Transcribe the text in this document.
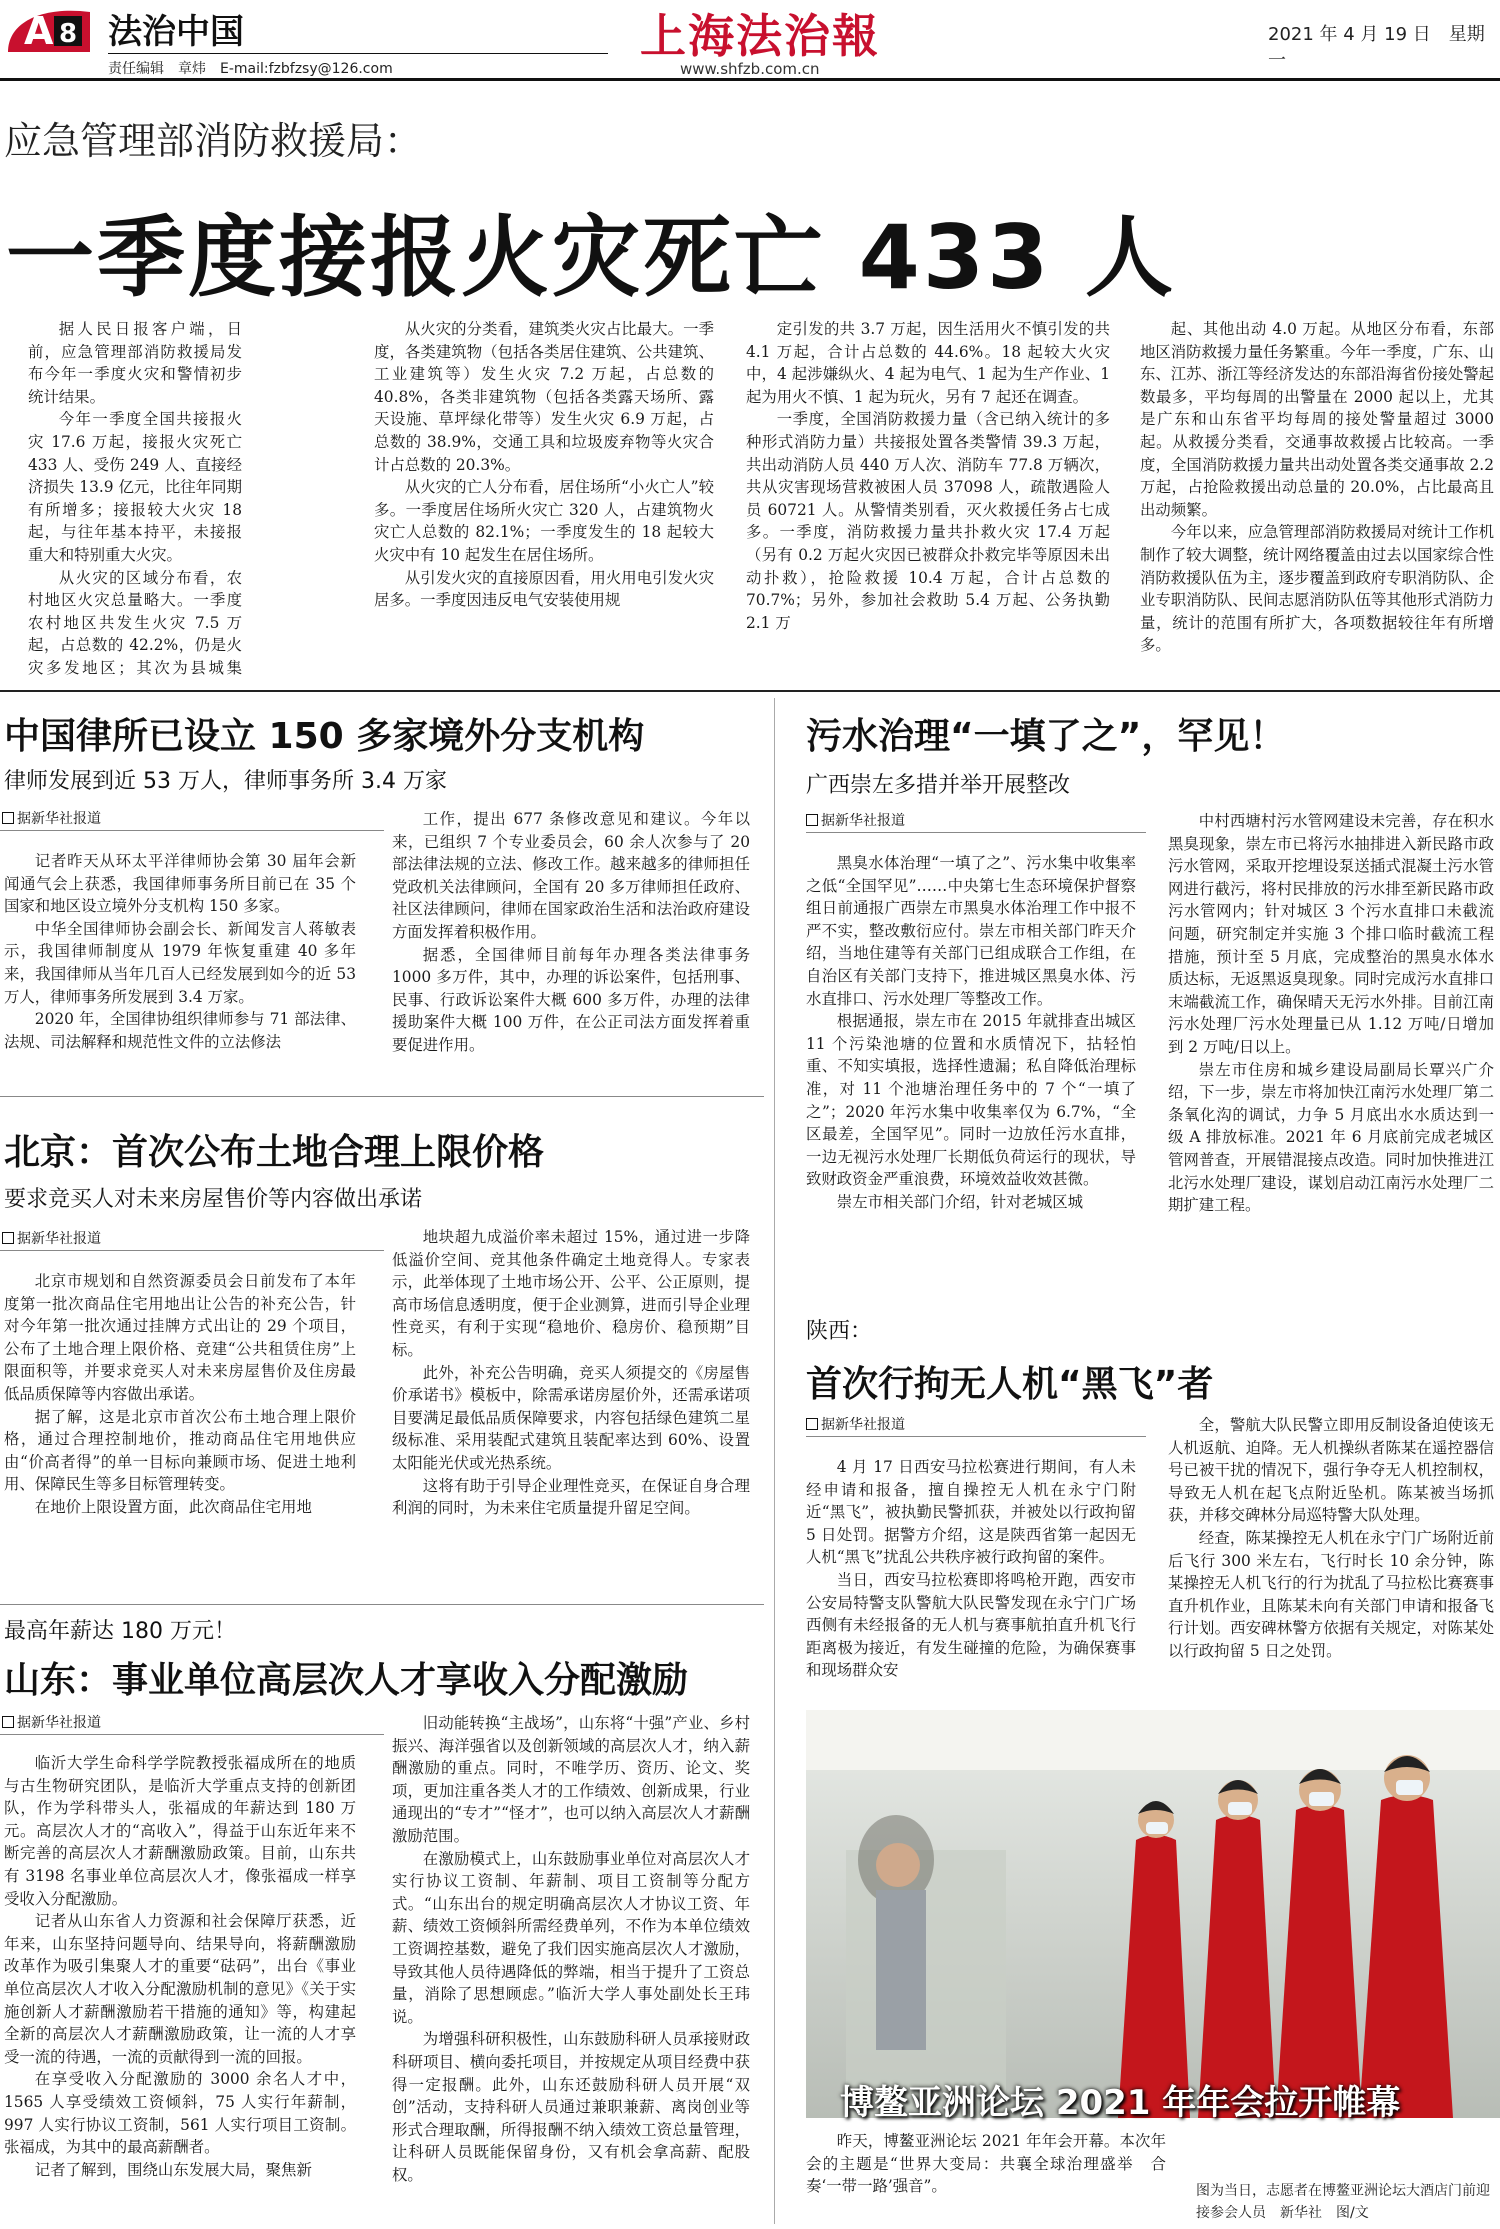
A 8 法治中国
责任编辑　章炜　E-mail:fzbfzsy@126.com
上海法治報
www.shfzb.com.cn
2021 年 4 月 19 日　星期一
应急管理部消防救援局：
一季度接报火灾死亡 433 人

据人民日报客户端，日前，应急管理部消防救援局发布今年一季度火灾和警情初步统计结果。

今年一季度全国共接报火灾 17.6 万起，接报火灾死亡 433 人、受伤 249 人、直接经济损失 13.9 亿元，比往年同期有所增多；接报较大火灾 18 起，与往年基本持平，未接报重大和特别重大火灾。

从火灾的区域分布看，农村地区火灾总量略大。一季度农村地区共发生火灾 7.5 万起，占总数的 42.2%，仍是火灾多发地区；其次为县城集

从火灾的分类看，建筑类火灾占比最大。一季度，各类建筑物（包括各类居住建筑、公共建筑、工业建筑等）发生火灾 7.2 万起，占总数的 40.8%，各类非建筑物（包括各类露天场所、露天设施、草坪绿化带等）发生火灾 6.9 万起，占总数的 38.9%，交通工具和垃圾废弃物等火灾合计占总数的 20.3%。

从火灾的亡人分布看，居住场所“小火亡人”较多。一季度居住场所火灾亡 320 人，占建筑物火灾亡人总数的 82.1%；一季度发生的 18 起较大火灾中有 10 起发生在居住场所。

从引发火灾的直接原因看，用火用电引发火灾居多。一季度因违反电气安装使用规

定引发的共 3.7 万起，因生活用火不慎引发的共 4.1 万起，合计占总数的 44.6%。18 起较大火灾中，4 起涉嫌纵火、4 起为电气、1 起为生产作业、1 起为用火不慎、1 起为玩火，另有 7 起还在调查。

一季度，全国消防救援力量（含已纳入统计的多种形式消防力量）共接报处置各类警情 39.3 万起，共出动消防人员 440 万人次、消防车 77.8 万辆次，共从灾害现场营救被困人员 37098 人，疏散遇险人员 60721 人。从警情类别看，灭火救援任务占七成多。一季度，消防救援力量共扑救火灾 17.4 万起（另有 0.2 万起火灾因已被群众扑救完毕等原因未出动扑救），抢险救援 10.4 万起，合计占总数的 70.7%；另外，参加社会救助 5.4 万起、公务执勤 2.1 万

起、其他出动 4.0 万起。从地区分布看，东部地区消防救援力量任务繁重。今年一季度，广东、山东、江苏、浙江等经济发达的东部沿海省份接处警起数最多，平均每周的出警量在 2000 起以上，尤其是广东和山东省平均每周的接处警量超过 3000 起。从救援分类看，交通事故救援占比较高。一季度，全国消防救援力量共出动处置各类交通事故 2.2 万起，占抢险救援出动总量的 20.0%，占比最高且出动频繁。

今年以来，应急管理部消防救援局对统计工作机制作了较大调整，统计网络覆盖由过去以国家综合性消防救援队伍为主，逐步覆盖到政府专职消防队、企业专职消防队、民间志愿消防队伍等其他形式消防力量，统计的范围有所扩大，各项数据较往年有所增多。

中国律所已设立 150 多家境外分支机构
律师发展到近 53 万人，律师事务所 3.4 万家
据新华社报道

记者昨天从环太平洋律师协会第 30 届年会新闻通气会上获悉，我国律师事务所目前已在 35 个国家和地区设立境外分支机构 150 多家。

中华全国律师协会副会长、新闻发言人蒋敏表示，我国律师制度从 1979 年恢复重建 40 多年来，我国律师从当年几百人已经发展到如今的近 53 万人，律师事务所发展到 3.4 万家。

2020 年，全国律协组织律师参与 71 部法律、法规、司法解释和规范性文件的立法修法

工作，提出 677 条修改意见和建议。今年以来，已组织 7 个专业委员会，60 余人次参与了 20 部法律法规的立法、修改工作。越来越多的律师担任党政机关法律顾问，全国有 20 多万律师担任政府、社区法律顾问，律师在国家政治生活和法治政府建设方面发挥着积极作用。

据悉，全国律师目前每年办理各类法律事务 1000 多万件，其中，办理的诉讼案件，包括刑事、民事、行政诉讼案件大概 600 多万件，办理的法律援助案件大概 100 万件，在公正司法方面发挥着重要促进作用。

北京：首次公布土地合理上限价格
要求竞买人对未来房屋售价等内容做出承诺
据新华社报道

北京市规划和自然资源委员会日前发布了本年度第一批次商品住宅用地出让公告的补充公告，针对今年第一批次通过挂牌方式出让的 29 个项目，公布了土地合理上限价格、竞建“公共租赁住房”上限面积等，并要求竞买人对未来房屋售价及住房最低品质保障等内容做出承诺。

据了解，这是北京市首次公布土地合理上限价格，通过合理控制地价，推动商品住宅用地供应由“价高者得”的单一目标向兼顾市场、促进土地利用、保障民生等多目标管理转变。

在地价上限设置方面，此次商品住宅用地

地块超九成溢价率未超过 15%，通过进一步降低溢价空间、竞其他条件确定土地竞得人。专家表示，此举体现了土地市场公开、公平、公正原则，提高市场信息透明度，便于企业测算，进而引导企业理性竞买，有利于实现“稳地价、稳房价、稳预期”目标。

此外，补充公告明确，竞买人须提交的《房屋售价承诺书》模板中，除需承诺房屋价外，还需承诺项目要满足最低品质保障要求，内容包括绿色建筑二星级标准、采用装配式建筑且装配率达到 60%、设置太阳能光伏或光热系统。

这将有助于引导企业理性竞买，在保证自身合理利润的同时，为未来住宅质量提升留足空间。

最高年薪达 180 万元！
山东：事业单位高层次人才享收入分配激励
据新华社报道

临沂大学生命科学学院教授张福成所在的地质与古生物研究团队，是临沂大学重点支持的创新团队，作为学科带头人，张福成的年薪达到 180 万元。高层次人才的“高收入”，得益于山东近年来不断完善的高层次人才薪酬激励政策。目前，山东共有 3198 名事业单位高层次人才，像张福成一样享受收入分配激励。

记者从山东省人力资源和社会保障厅获悉，近年来，山东坚持问题导向、结果导向，将薪酬激励改革作为吸引集聚人才的重要“砝码”，出台《事业单位高层次人才收入分配激励机制的意见》《关于实施创新人才薪酬激励若干措施的通知》等，构建起全新的高层次人才薪酬激励政策，让一流的人才享受一流的待遇，一流的贡献得到一流的回报。

在享受收入分配激励的 3000 余名人才中，1565 人享受绩效工资倾斜，75 人实行年薪制，997 人实行协议工资制，561 人实行项目工资制。张福成，为其中的最高薪酬者。

记者了解到，围绕山东发展大局，聚焦新

旧动能转换“主战场”，山东将“十强”产业、乡村振兴、海洋强省以及创新领域的高层次人才，纳入薪酬激励的重点。同时，不唯学历、资历、论文、奖项，更加注重各类人才的工作绩效、创新成果，行业通现出的“专才”“怪才”，也可以纳入高层次人才薪酬激励范围。

在激励模式上，山东鼓励事业单位对高层次人才实行协议工资制、年薪制、项目工资制等分配方式。“山东出台的规定明确高层次人才协议工资、年薪、绩效工资倾斜所需经费单列，不作为本单位绩效工资调控基数，避免了我们因实施高层次人才激励，导致其他人员待遇降低的弊端，相当于提升了工资总量，消除了思想顾虑。”临沂大学人事处副处长王玮说。

为增强科研积极性，山东鼓励科研人员承接财政科研项目、横向委托项目，并按规定从项目经费中获得一定报酬。此外，山东还鼓励科研人员开展“双创”活动，支持科研人员通过兼职兼薪、离岗创业等形式合理取酬，所得报酬不纳入绩效工资总量管理，让科研人员既能保留身份，又有机会拿高薪、配股权。

污水治理“一填了之”，罕见！
广西崇左多措并举开展整改
据新华社报道

黑臭水体治理“一填了之”、污水集中收集率之低“全国罕见”……中央第七生态环境保护督察组日前通报广西崇左市黑臭水体治理工作中报不严不实，整改敷衍应付。崇左市相关部门昨天介绍，当地住建等有关部门已组成联合工作组，在自治区有关部门支持下，推进城区黑臭水体、污水直排口、污水处理厂等整改工作。

根据通报，崇左市在 2015 年就排查出城区 11 个污染池塘的位置和水质情况下，拈轻怕重、不知实填报，选择性遗漏；私自降低治理标准，对 11 个池塘治理任务中的 7 个“一填了之”；2020 年污水集中收集率仅为 6.7%，“全区最差，全国罕见”。同时一边放任污水直排，一边无视污水处理厂长期低负荷运行的现状，导致财政资金严重浪费，环境效益收效甚微。

崇左市相关部门介绍，针对老城区城

中村西塘村污水管网建设未完善，存在积水黑臭现象，崇左市已将污水抽排进入新民路市政污水管网，采取开挖埋设泵送插式混凝土污水管网进行截污，将村民排放的污水排至新民路市政污水管网内；针对城区 3 个污水直排口未截流问题，研究制定并实施 3 个排口临时截流工程措施，预计至 5 月底，完成整治的黑臭水体水质达标，无返黑返臭现象。同时完成污水直排口末端截流工作，确保晴天无污水外排。目前江南污水处理厂污水处理量已从 1.12 万吨/日增加到 2 万吨/日以上。

崇左市住房和城乡建设局副局长覃兴广介绍，下一步，崇左市将加快江南污水处理厂第二条氧化沟的调试，力争 5 月底出水水质达到一级 A 排放标准。2021 年 6 月底前完成老城区管网普查，开展错混接点改造。同时加快推进江北污水处理厂建设，谋划启动江南污水处理厂二期扩建工程。

陕西：
首次行拘无人机“黑飞”者
据新华社报道

4 月 17 日西安马拉松赛进行期间，有人未经申请和报备，擅自操控无人机在永宁门附近“黑飞”，被执勤民警抓获，并被处以行政拘留 5 日处罚。据警方介绍，这是陕西省第一起因无人机“黑飞”扰乱公共秩序被行政拘留的案件。

当日，西安马拉松赛即将鸣枪开跑，西安市公安局特警支队警航大队民警发现在永宁门广场西侧有未经报备的无人机与赛事航拍直升机飞行距离极为接近，有发生碰撞的危险，为确保赛事和现场群众安

全，警航大队民警立即用反制设备迫使该无人机返航、迫降。无人机操纵者陈某在遥控器信号已被干扰的情况下，强行争夺无人机控制权，导致无人机在起飞点附近坠机。陈某被当场抓获，并移交碑林分局巡特警大队处理。

经查，陈某操控无人机在永宁门广场附近前后飞行 300 米左右，飞行时长 10 余分钟，陈某操控无人机飞行的行为扰乱了马拉松比赛赛事直升机作业，且陈某未向有关部门申请和报备飞行计划。西安碑林警方依据有关规定，对陈某处以行政拘留 5 日之处罚。

博鳌亚洲论坛 2021 年年会拉开帷幕

昨天，博鳌亚洲论坛 2021 年年会开幕。本次年会的主题是“世界大变局：共襄全球治理盛举　合奏‘一带一路’强音”。	图为当日，志愿者在博鳌亚洲论坛大酒店门前迎接参会人员　新华社　图/文
